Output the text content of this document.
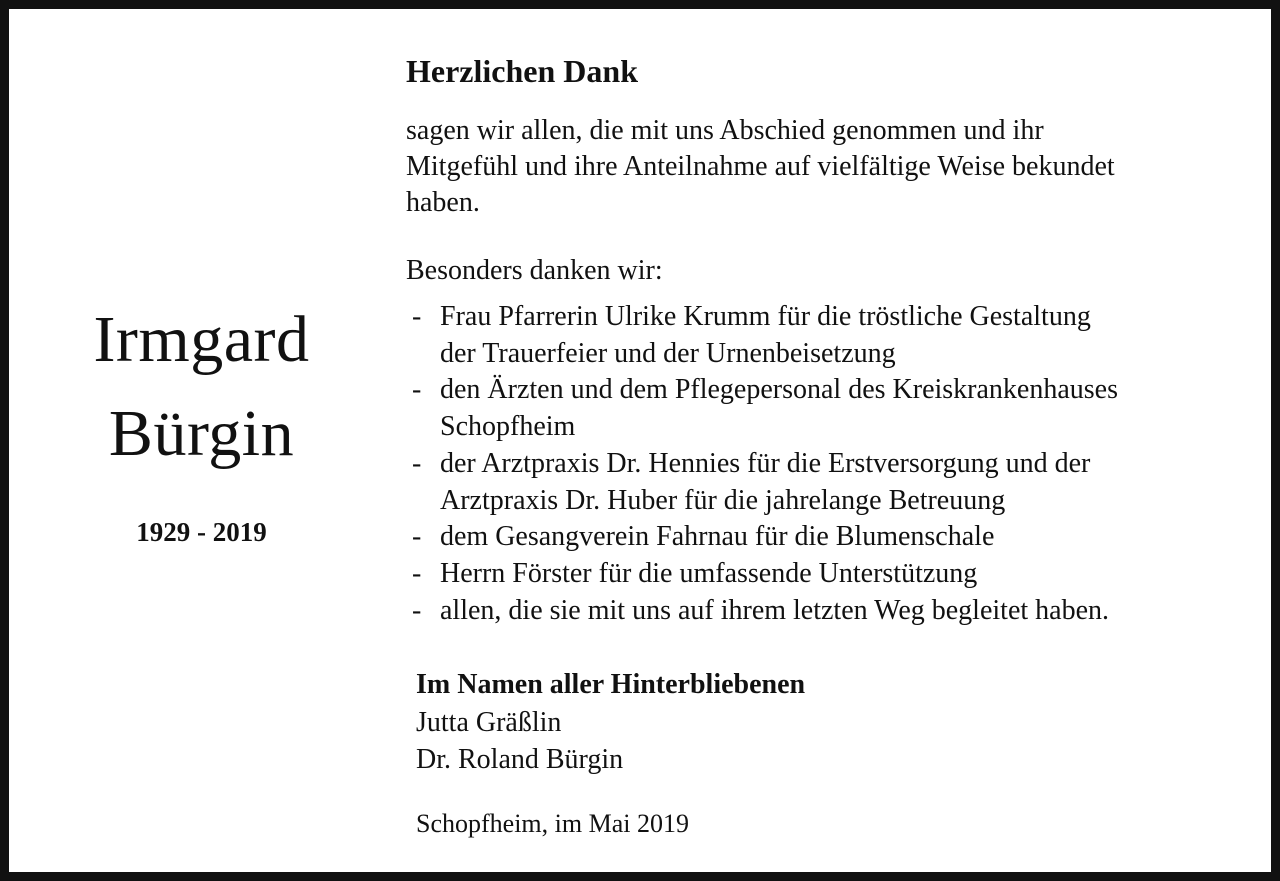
Irmgard
Bürgin
1929 - 2019
Herzlichen Dank
sagen wir allen, die mit uns Abschied genommen und ihr
Mitgefühl und ihre Anteilnahme auf vielfältige Weise bekundet
haben.
Besonders danken wir:
- Frau Pfarrerin Ulrike Krumm für die tröstliche Gestaltung
der Trauerfeier und der Urnenbeisetzung
- den Ärzten und dem Pflegepersonal des Kreiskrankenhauses
Schopfheim
- der Arztpraxis Dr. Hennies für die Erstversorgung und der
Arztpraxis Dr. Huber für die jahrelange Betreuung
- dem Gesangverein Fahrnau für die Blumenschale
- Herrn Förster für die umfassende Unterstützung
- allen, die sie mit uns auf ihrem letzten Weg begleitet haben.
Im Namen aller Hinterbliebenen
Jutta Gräßlin
Dr. Roland Bürgin
Schopfheim, im Mai 2019
